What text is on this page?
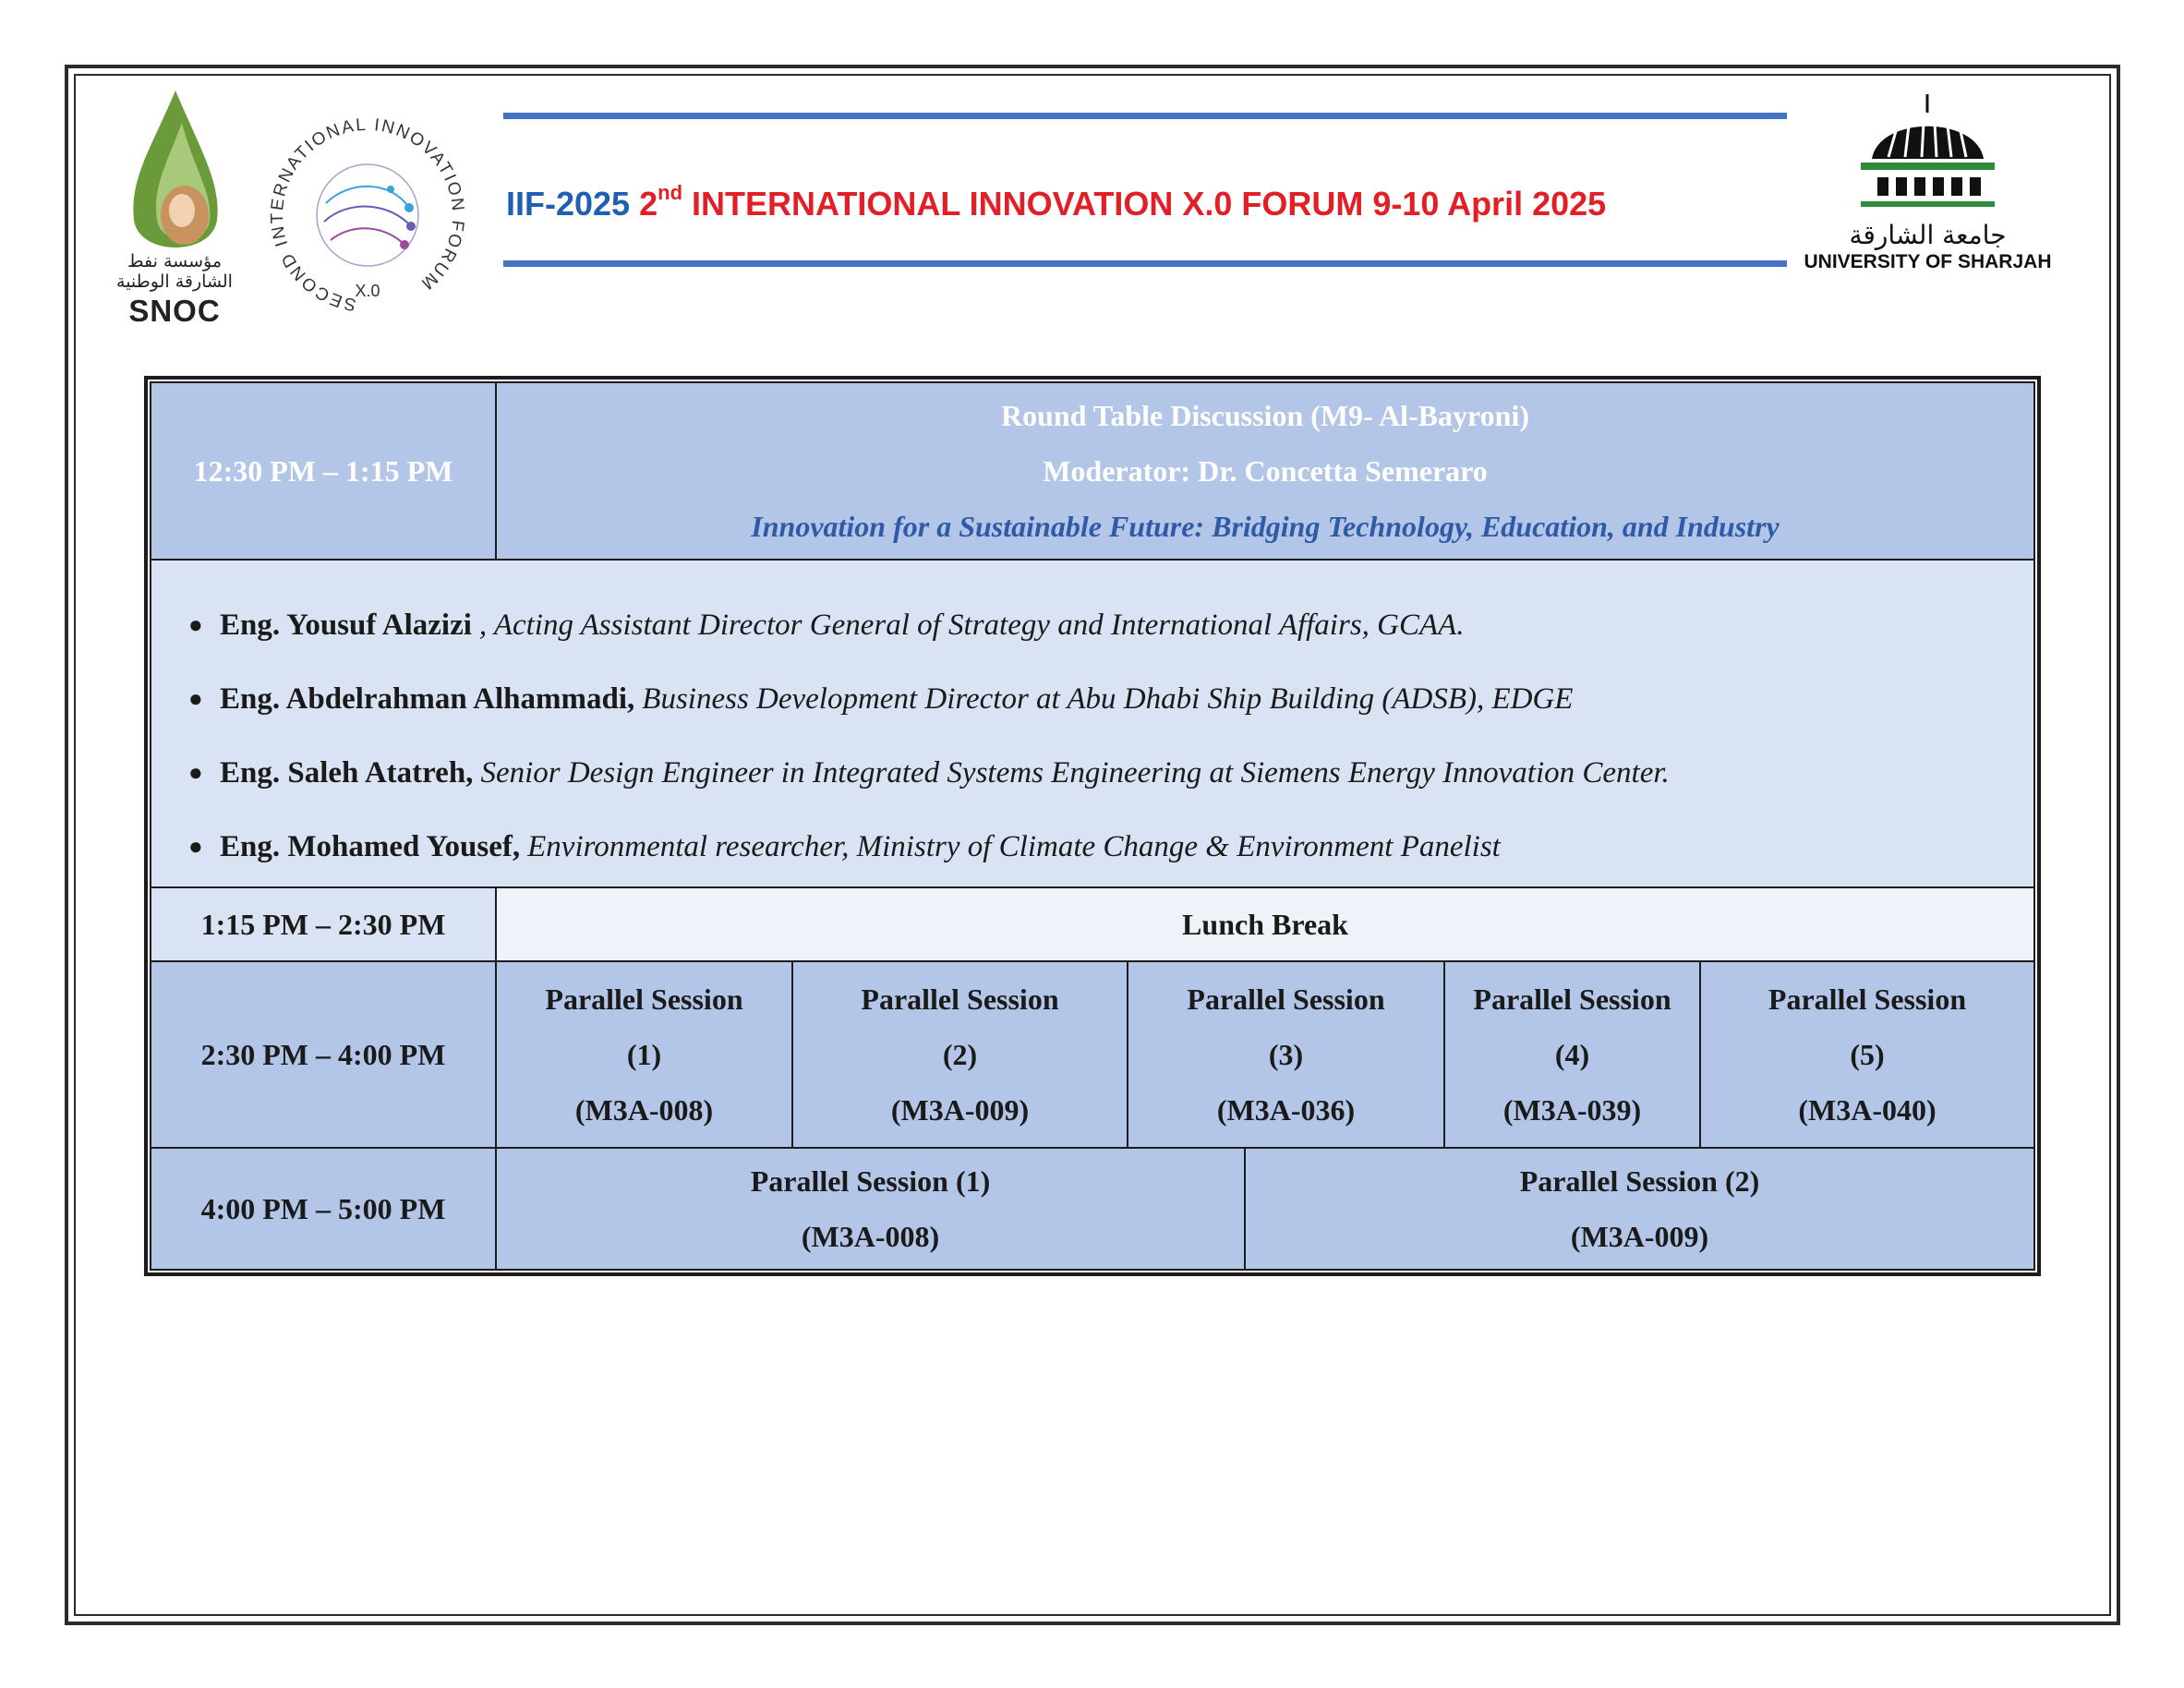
مؤسسة نفط الشارقة الوطنية
SNOC	SECOND INTERNATIONAL INNOVATION FORUM
X.0
IIF-2025 2nd INTERNATIONAL INNOVATION X.0 FORUM 9-10 April 2025
جامعة الشارقة
UNIVERSITY OF SHARJAH
12:30 PM – 1:15 PM
Round Table Discussion (M9- Al-Bayroni)
Moderator: Dr. Concetta Semeraro
Innovation for a Sustainable Future: Bridging Technology, Education, and Industry
● Eng. Yousuf Alazizi , Acting Assistant Director General of Strategy and International Affairs, GCAA.
● Eng. Abdelrahman Alhammadi, Business Development Director at Abu Dhabi Ship Building (ADSB), EDGE
● Eng. Saleh Atatreh, Senior Design Engineer in Integrated Systems Engineering at Siemens Energy Innovation Center.
● Eng. Mohamed Yousef, Environmental researcher, Ministry of Climate Change & Environment Panelist
1:15 PM – 2:30 PM	Lunch Break
2:30 PM – 4:00 PM
Parallel Session
(1)
(M3A-008)
Parallel Session
(2)
(M3A-009)
Parallel Session
(3)
(M3A-036)
Parallel Session
(4)
(M3A-039)
Parallel Session
(5)
(M3A-040)
4:00 PM – 5:00 PM
Parallel Session (1)
(M3A-008)
Parallel Session (2)
(M3A-009)
